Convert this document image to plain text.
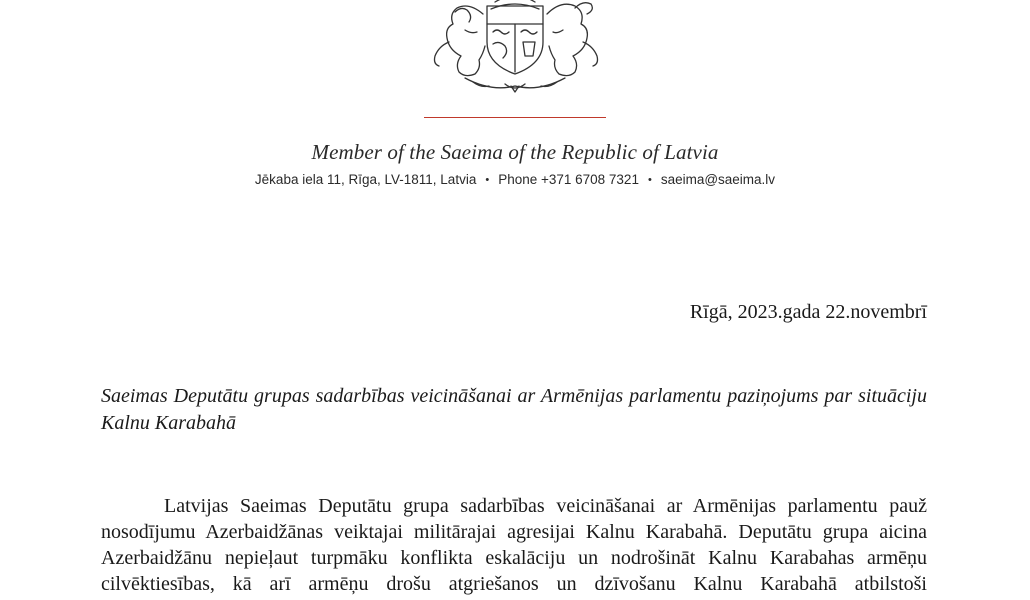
Member of the Saeima of the Republic of Latvia
Jēkaba iela 11, Rīga, LV-1811, Latvia • Phone +371 6708 7321 • saeima@saeima.lv
Rīgā, 2023.gada 22.novembrī
Saeimas Deputātu grupas sadarbības veicināšanai ar Armēnijas parlamentu paziņojums par situāciju Kalnu Karabahā
Latvijas Saeimas Deputātu grupa sadarbības veicināšanai ar Armēnijas parlamentu pauž
nosodījumu Azerbaidžānas veiktajai militārajai agresijai Kalnu Karabahā. Deputātu grupa aicina
Azerbaidžānu nepieļaut turpmāku konflikta eskalāciju un nodrošināt Kalnu Karabahas armēņu
cilvēktiesības, kā arī armēņu drošu atgriešanos un dzīvošanu Kalnu Karabahā atbilstoši
